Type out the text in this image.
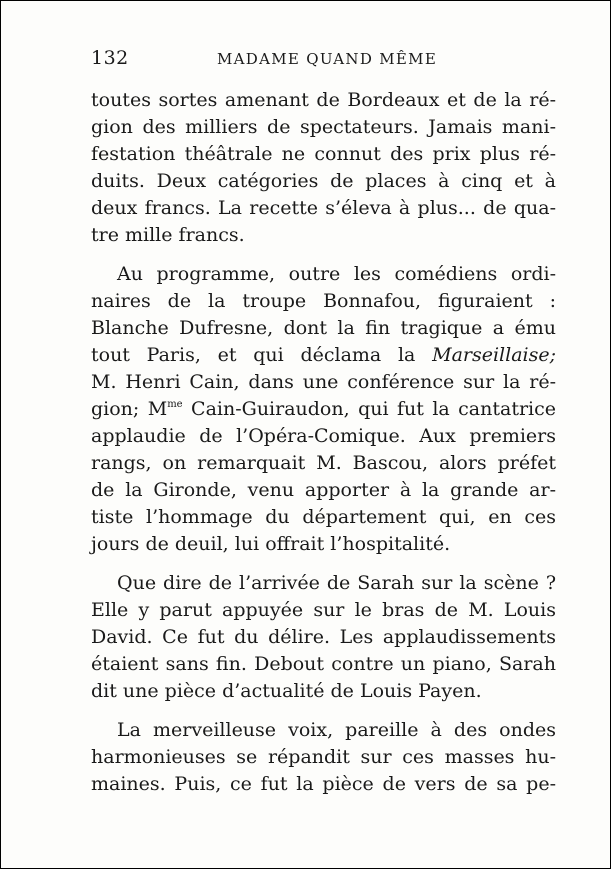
132	MADAME QUAND MÊME
toutes sortes amenant de Bordeaux et de la ré-
gion des milliers de spectateurs. Jamais mani-
festation théâtrale ne connut des prix plus ré-
duits. Deux catégories de places à cinq et à
deux francs. La recette s’éleva à plus... de qua-
tre mille francs.
Au programme, outre les comédiens ordi-
naires de la troupe Bonnafou, figuraient :
Blanche Dufresne, dont la fin tragique a ému
tout Paris, et qui déclama la Marseillaise;
M. Henri Cain, dans une conférence sur la ré-
gion; $M^{me}$ Cain-Guiraudon, qui fut la cantatrice
applaudie de l’Opéra-Comique. Aux premiers
rangs, on remarquait M. Bascou, alors préfet
de la Gironde, venu apporter à la grande ar-
tiste l’hommage du département qui, en ces
jours de deuil, lui offrait l’hospitalité.
Que dire de l’arrivée de Sarah sur la scène ?
Elle y parut appuyée sur le bras de M. Louis
David. Ce fut du délire. Les applaudissements
étaient sans fin. Debout contre un piano, Sarah
dit une pièce d’actualité de Louis Payen.
La merveilleuse voix, pareille à des ondes
harmonieuses se répandit sur ces masses hu-
maines. Puis, ce fut la pièce de vers de sa pe-
